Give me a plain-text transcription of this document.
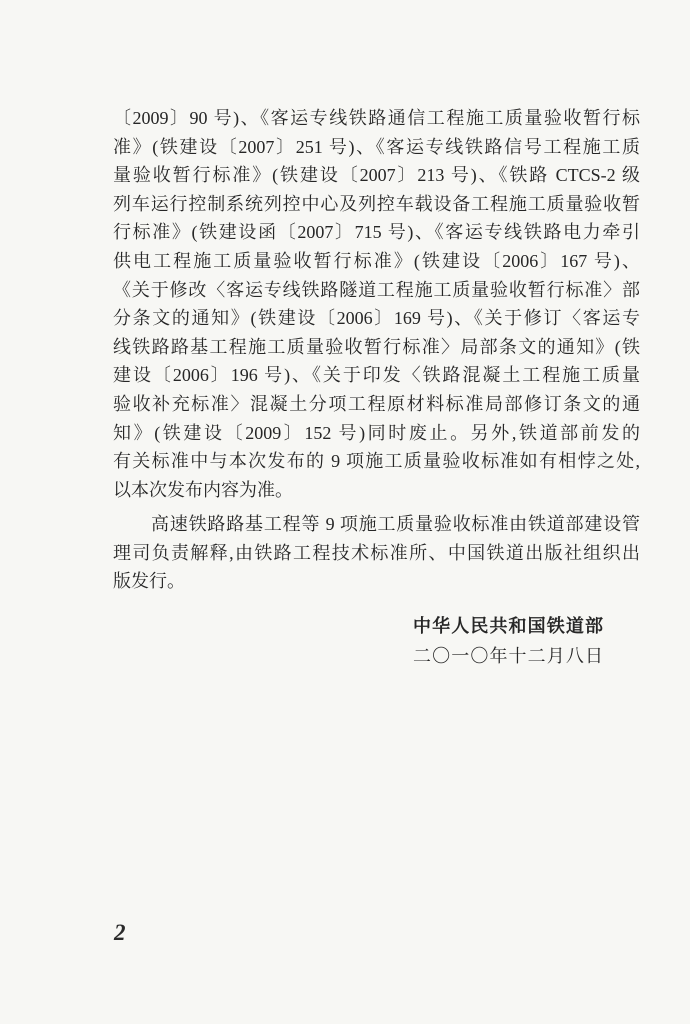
〔2009〕90 号)、《客运专线铁路通信工程施工质量验收暂行标
准》(铁建设〔2007〕251 号)、《客运专线铁路信号工程施工质
量验收暂行标准》(铁建设〔2007〕213 号)、《铁路 CTCS-2 级
列车运行控制系统列控中心及列控车载设备工程施工质量验收暂
行标准》(铁建设函〔2007〕715 号)、《客运专线铁路电力牵引
供电工程施工质量验收暂行标准》(铁建设〔2006〕167 号)、
《关于修改〈客运专线铁路隧道工程施工质量验收暂行标准〉部
分条文的通知》(铁建设〔2006〕169 号)、《关于修订〈客运专
线铁路路基工程施工质量验收暂行标准〉局部条文的通知》(铁
建设〔2006〕196 号)、《关于印发〈铁路混凝土工程施工质量
验收补充标准〉混凝土分项工程原材料标准局部修订条文的通
知》(铁建设〔2009〕152 号)同时废止。另外,铁道部前发的
有关标准中与本次发布的 9 项施工质量验收标准如有相悖之处,
以本次发布内容为准。
高速铁路路基工程等 9 项施工质量验收标准由铁道部建设管
理司负责解释,由铁路工程技术标准所、中国铁道出版社组织出
版发行。
中华人民共和国铁道部
二〇一〇年十二月八日
2
